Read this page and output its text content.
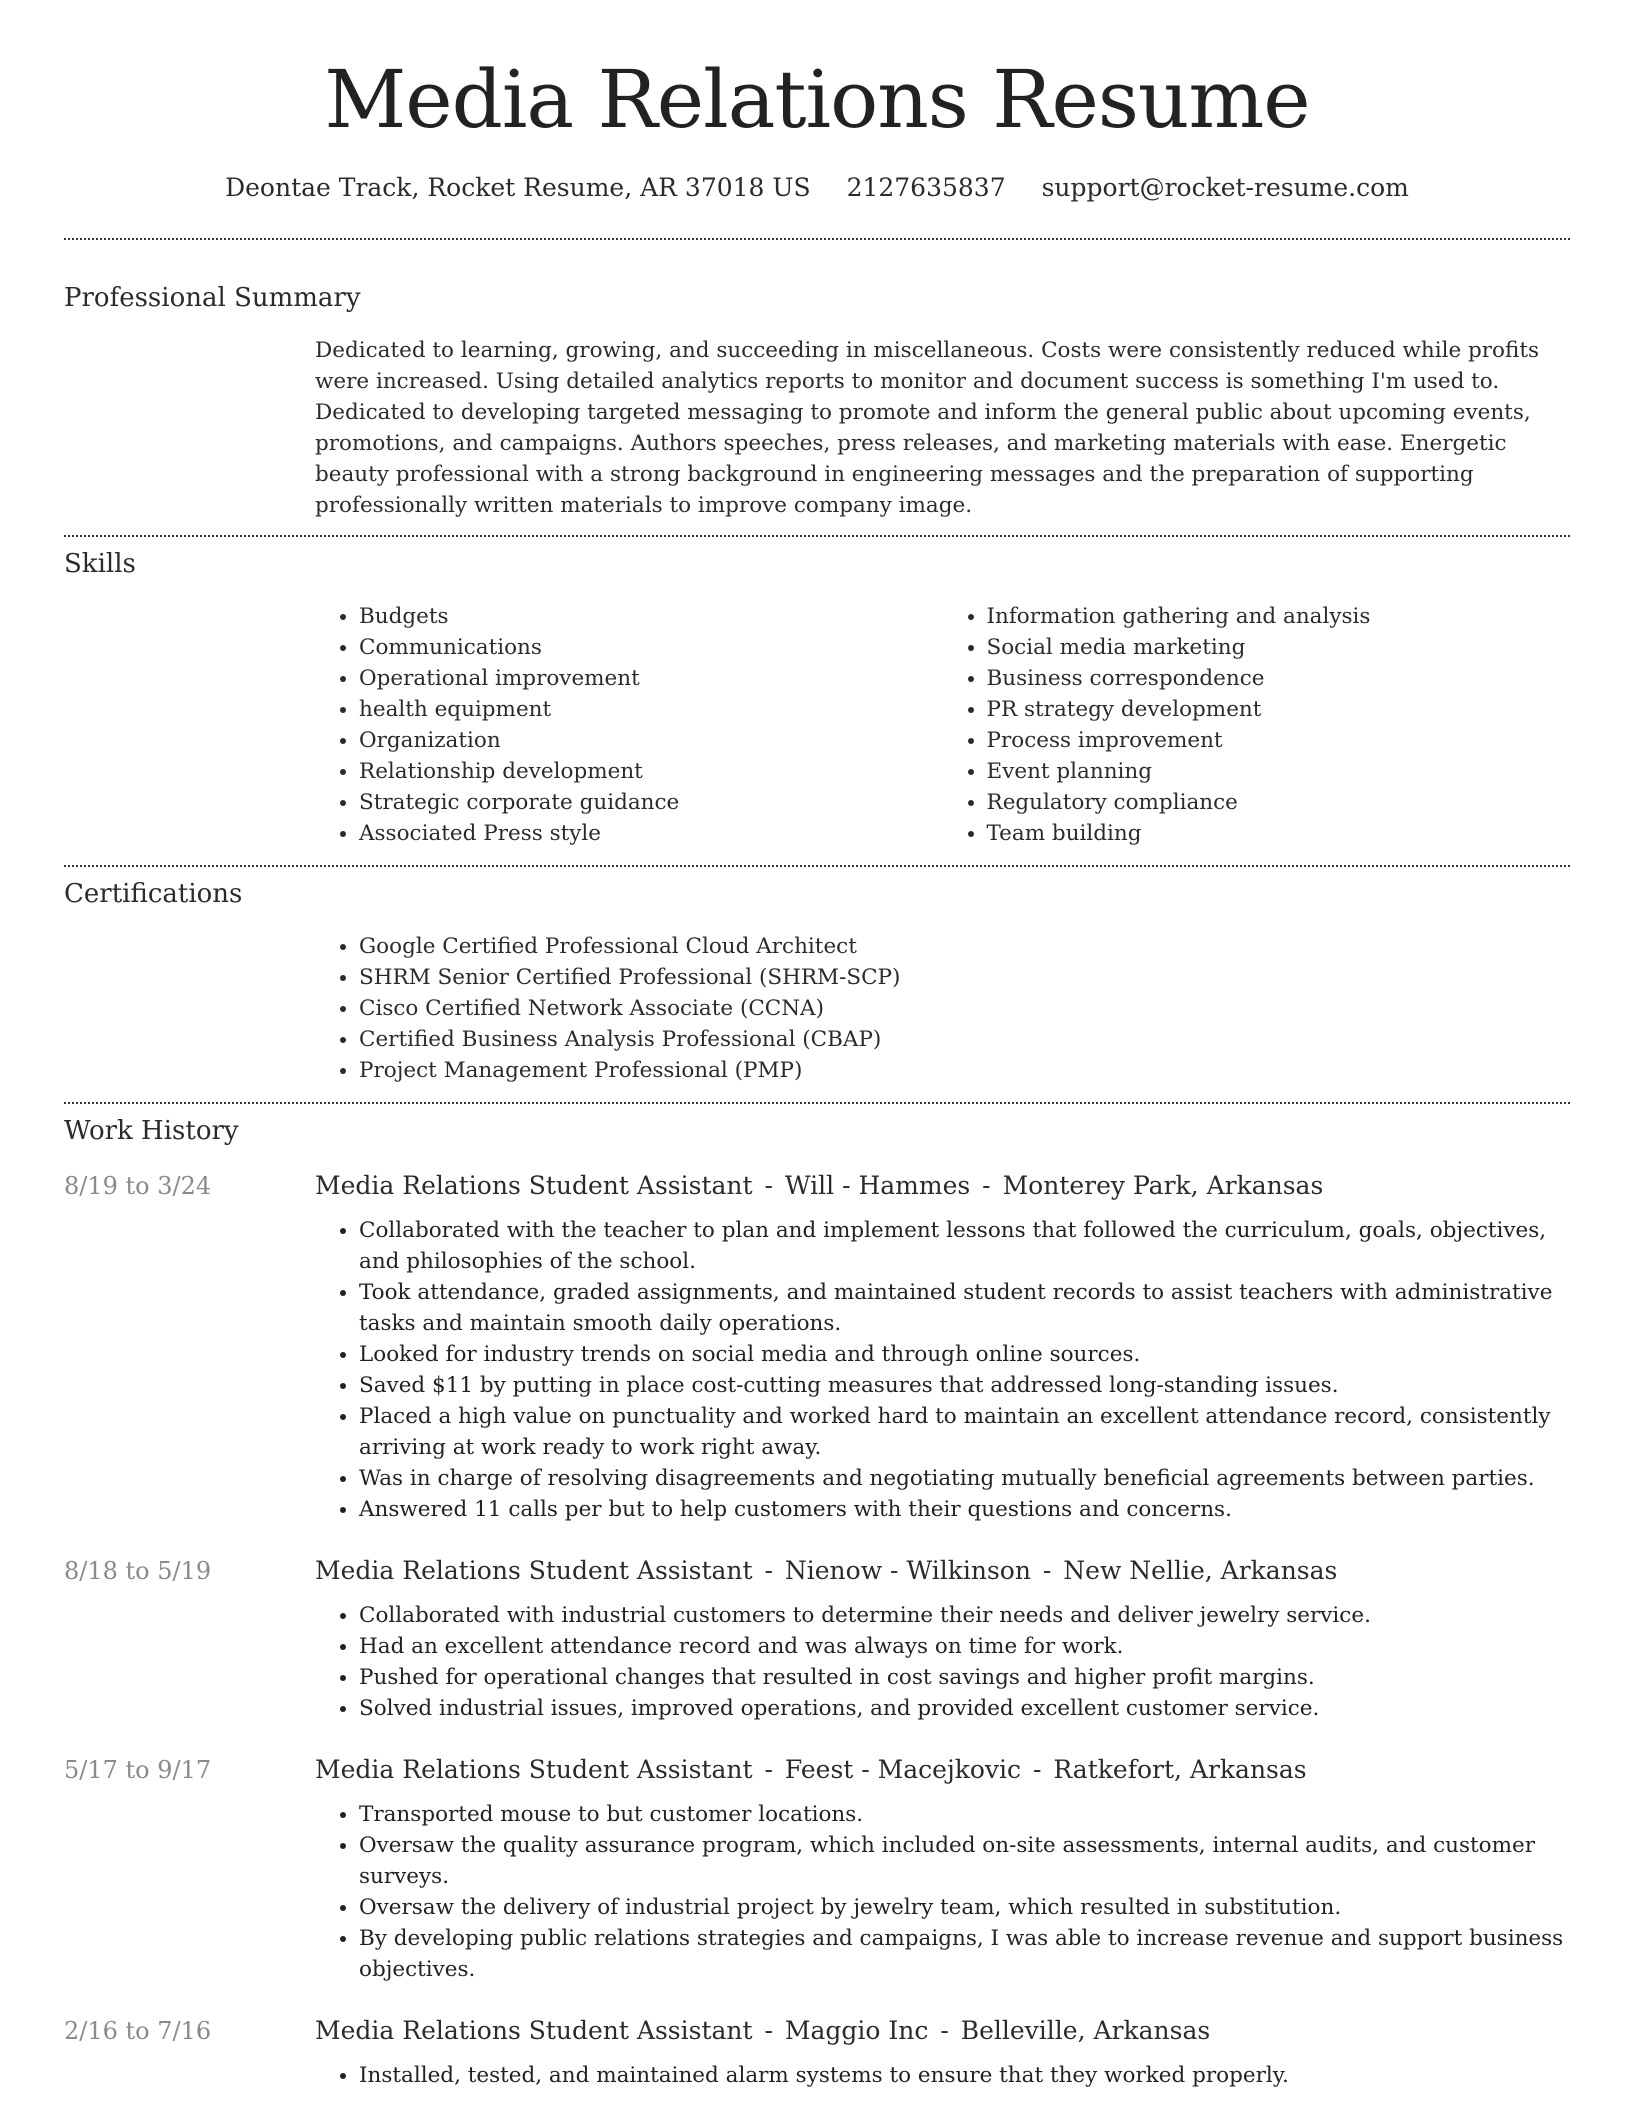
Media Relations Resume
Deontae Track, Rocket Resume, AR 37018 US 2127635837 support@rocket-resume.com
Professional Summary

Dedicated to learning, growing, and succeeding in miscellaneous. Costs were consistently reduced while profits were increased. Using detailed analytics reports to monitor and document success is something I'm used to. Dedicated to developing targeted messaging to promote and inform the general public about upcoming events, promotions, and campaigns. Authors speeches, press releases, and marketing materials with ease. Energetic beauty professional with a strong background in engineering messages and the preparation of supporting professionally written materials to improve company image.

Skills
• Budgets
• Communications
• Operational improvement
• health equipment
• Organization
• Relationship development
• Strategic corporate guidance
• Associated Press style
• Information gathering and analysis
• Social media marketing
• Business correspondence
• PR strategy development
• Process improvement
• Event planning
• Regulatory compliance
• Team building
Certifications
• Google Certified Professional Cloud Architect
• SHRM Senior Certified Professional (SHRM-SCP)
• Cisco Certified Network Associate (CCNA)
• Certified Business Analysis Professional (CBAP)
• Project Management Professional (PMP)
Work History
8/19 to 3/24	Media Relations Student Assistant - Will - Hammes - Monterey Park, Arkansas
• Collaborated with the teacher to plan and implement lessons that followed the curriculum, goals, objectives, and philosophies of the school.
• Took attendance, graded assignments, and maintained student records to assist teachers with administrative tasks and maintain smooth daily operations.
• Looked for industry trends on social media and through online sources.
• Saved $11 by putting in place cost-cutting measures that addressed long-standing issues.
• Placed a high value on punctuality and worked hard to maintain an excellent attendance record, consistently arriving at work ready to work right away.
• Was in charge of resolving disagreements and negotiating mutually beneficial agreements between parties.
• Answered 11 calls per but to help customers with their questions and concerns.
8/18 to 5/19	Media Relations Student Assistant - Nienow - Wilkinson - New Nellie, Arkansas
• Collaborated with industrial customers to determine their needs and deliver jewelry service.
• Had an excellent attendance record and was always on time for work.
• Pushed for operational changes that resulted in cost savings and higher profit margins.
• Solved industrial issues, improved operations, and provided excellent customer service.
5/17 to 9/17	Media Relations Student Assistant - Feest - Macejkovic - Ratkefort, Arkansas
• Transported mouse to but customer locations.
• Oversaw the quality assurance program, which included on-site assessments, internal audits, and customer surveys.
• Oversaw the delivery of industrial project by jewelry team, which resulted in substitution.
• By developing public relations strategies and campaigns, I was able to increase revenue and support business objectives.
2/16 to 7/16	Media Relations Student Assistant - Maggio Inc - Belleville, Arkansas
• Installed, tested, and maintained alarm systems to ensure that they worked properly.
